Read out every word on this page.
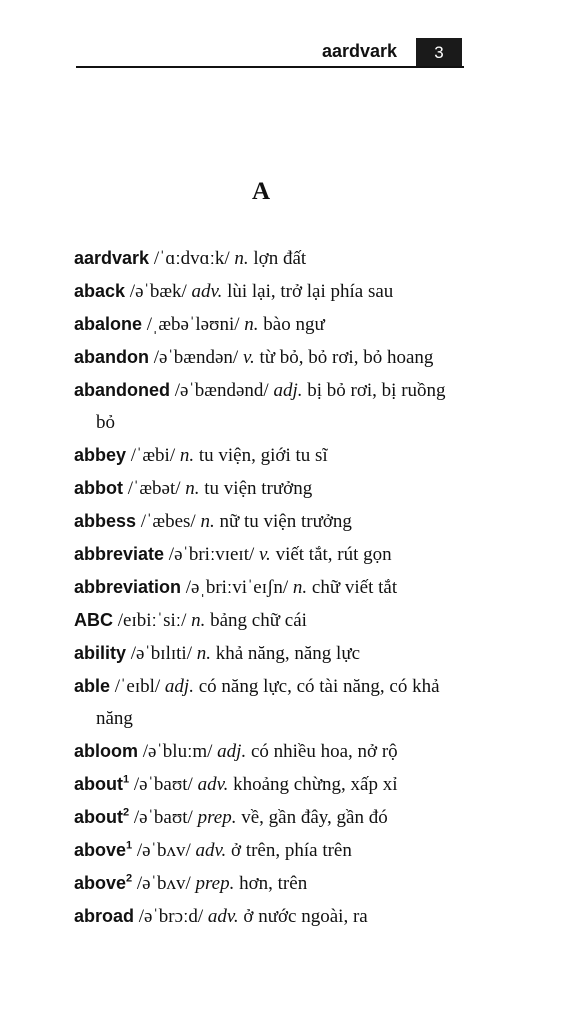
aardvark	3
A
aardvark /ˈɑːdvɑːk/ n. lợn đất
aback /əˈbæk/ adv. lùi lại, trở lại phía sau
abalone /ˌæbəˈləʊni/ n. bào ngư
abandon /əˈbændən/ v. từ bỏ, bỏ rơi, bỏ hoang
abandoned /əˈbændənd/ adj. bị bỏ rơi, bị ruồng bỏ
abbey /ˈæbi/ n. tu viện, giới tu sĩ
abbot /ˈæbət/ n. tu viện trưởng
abbess /ˈæbes/ n. nữ tu viện trưởng
abbreviate /əˈbriːvɪeɪt/ v. viết tắt, rút gọn
abbreviation /əˌbriːviˈeɪʃn/ n. chữ viết tắt
ABC /eɪbiːˈsiː/ n. bảng chữ cái
ability /əˈbɪlɪti/ n. khả năng, năng lực
able /ˈeɪbl/ adj. có năng lực, có tài năng, có khả năng
abloom /əˈbluːm/ adj. có nhiều hoa, nở rộ
about$^1$ /əˈbaʊt/ adv. khoảng chừng, xấp xỉ
about$^2$ /əˈbaʊt/ prep. về, gần đây, gần đó
above$^1$ /əˈbʌv/ adv. ở trên, phía trên
above$^2$ /əˈbʌv/ prep. hơn, trên
abroad /əˈbrɔːd/ adv. ở nước ngoài, ra
